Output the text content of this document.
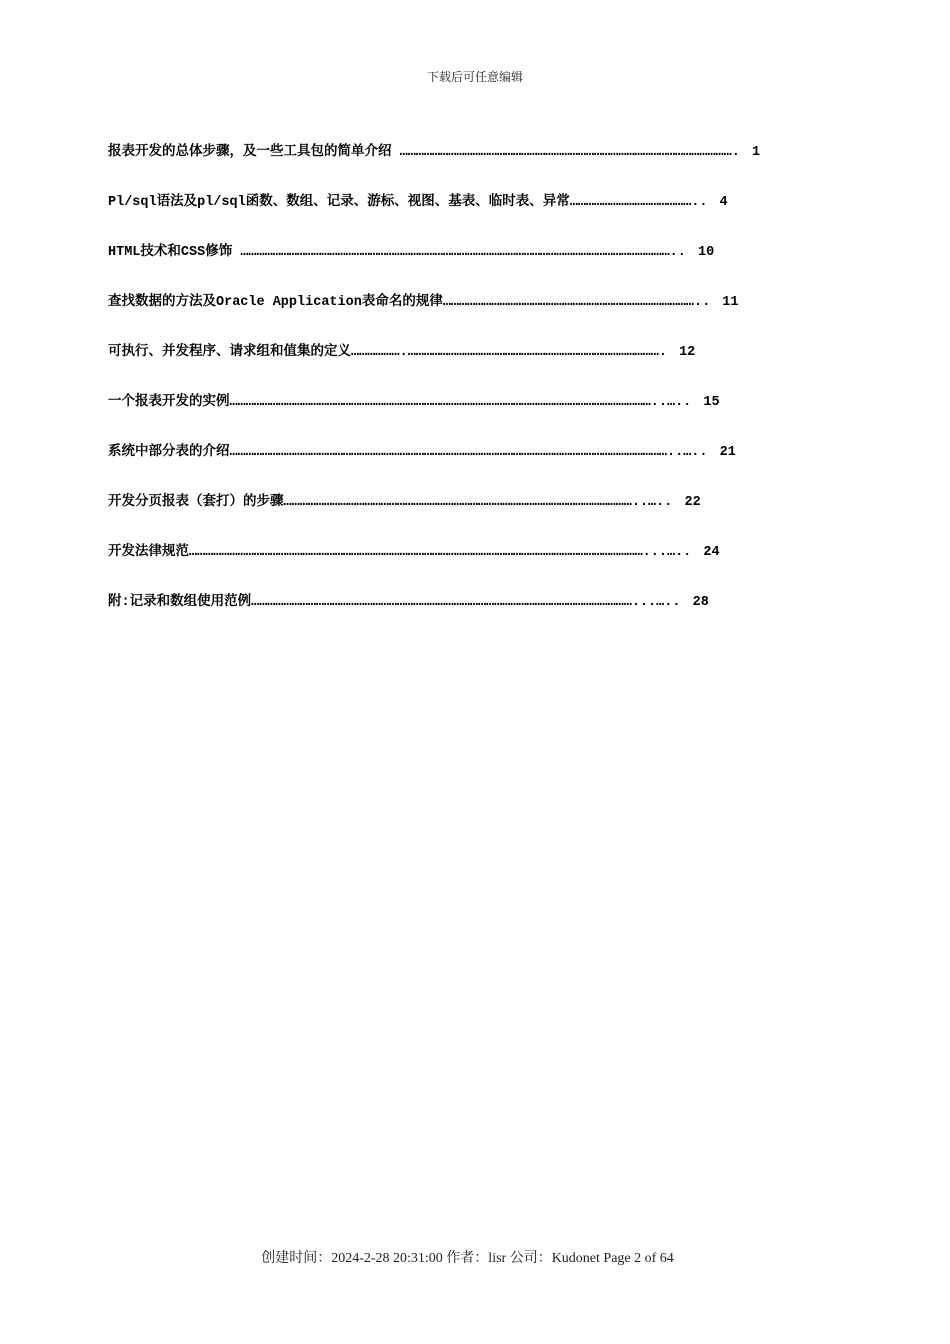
下载后可任意编辑
报表开发的总体步骤，及一些工具包的简单介绍 ……………………………………………………………………………………………………………. 1
Pl/sql语法及pl/sql函数、数组、记录、游标、视图、基表、临时表、异常……………………………………….. 4
HTML技术和CSS修饰 …………………………………………………………………………………………………………………………………………….. 10
查找数据的方法及Oracle Application表命名的规律………………………………………………………………………………….. 11
可执行、并发程序、请求组和值集的定义……………….…………………………………………………………………………………. 12
一个报表开发的实例…………………………………………………………………………………………………………………………………………..….. 15
系统中部分表的介绍………………………………………………………………………………………………………………………………………………..….. 21
开发分页报表（套打）的步骤…………………………………………………………………………………………………………………..….. 22
开发法律规范……………………………………………………………………………………………………………………………………………………...….. 24
附:记录和数组使用范例……………………………………………………………………………………………………………………………...….. 28
创建时间：2024-2-28 20:31:00 作者：lisr 公司：Kudonet Page 2 of 64
